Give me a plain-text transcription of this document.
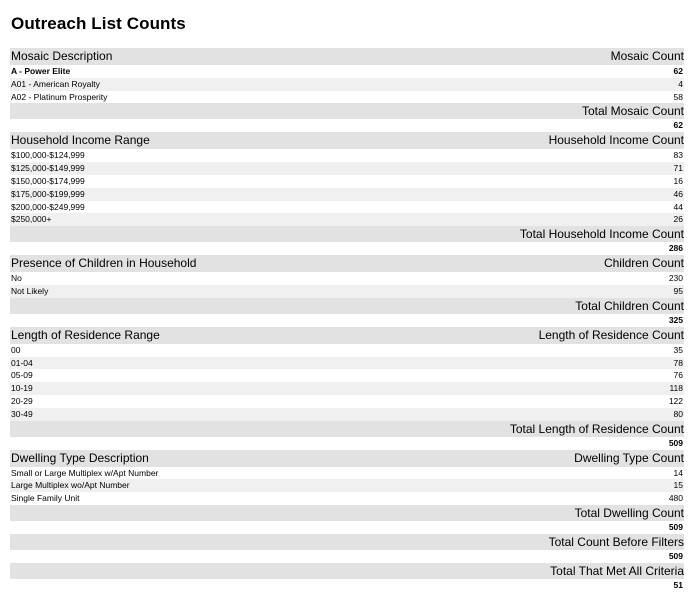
Outreach List Counts
Mosaic Description	Mosaic Count
A - Power Elite	62
A01 - American Royalty	4
A02 - Platinum Prosperity	58
Total Mosaic Count
62
Household Income Range	Household Income Count
$100,000-$124,999	83
$125,000-$149,999	71
$150,000-$174,999	16
$175,000-$199,999	46
$200,000-$249,999	44
$250,000+	26
Total Household Income Count
286
Presence of Children in Household	Children Count
No	230
Not Likely	95
Total Children Count
325
Length of Residence Range	Length of Residence Count
00	35
01-04	78
05-09	76
10-19	118
20-29	122
30-49	80
Total Length of Residence Count
509
Dwelling Type Description	Dwelling Type Count
Small or Large Multiplex w/Apt Number	14
Large Multiplex wo/Apt Number	15
Single Family Unit	480
Total Dwelling Count
509
Total Count Before Filters
509
Total That Met All Criteria
51
